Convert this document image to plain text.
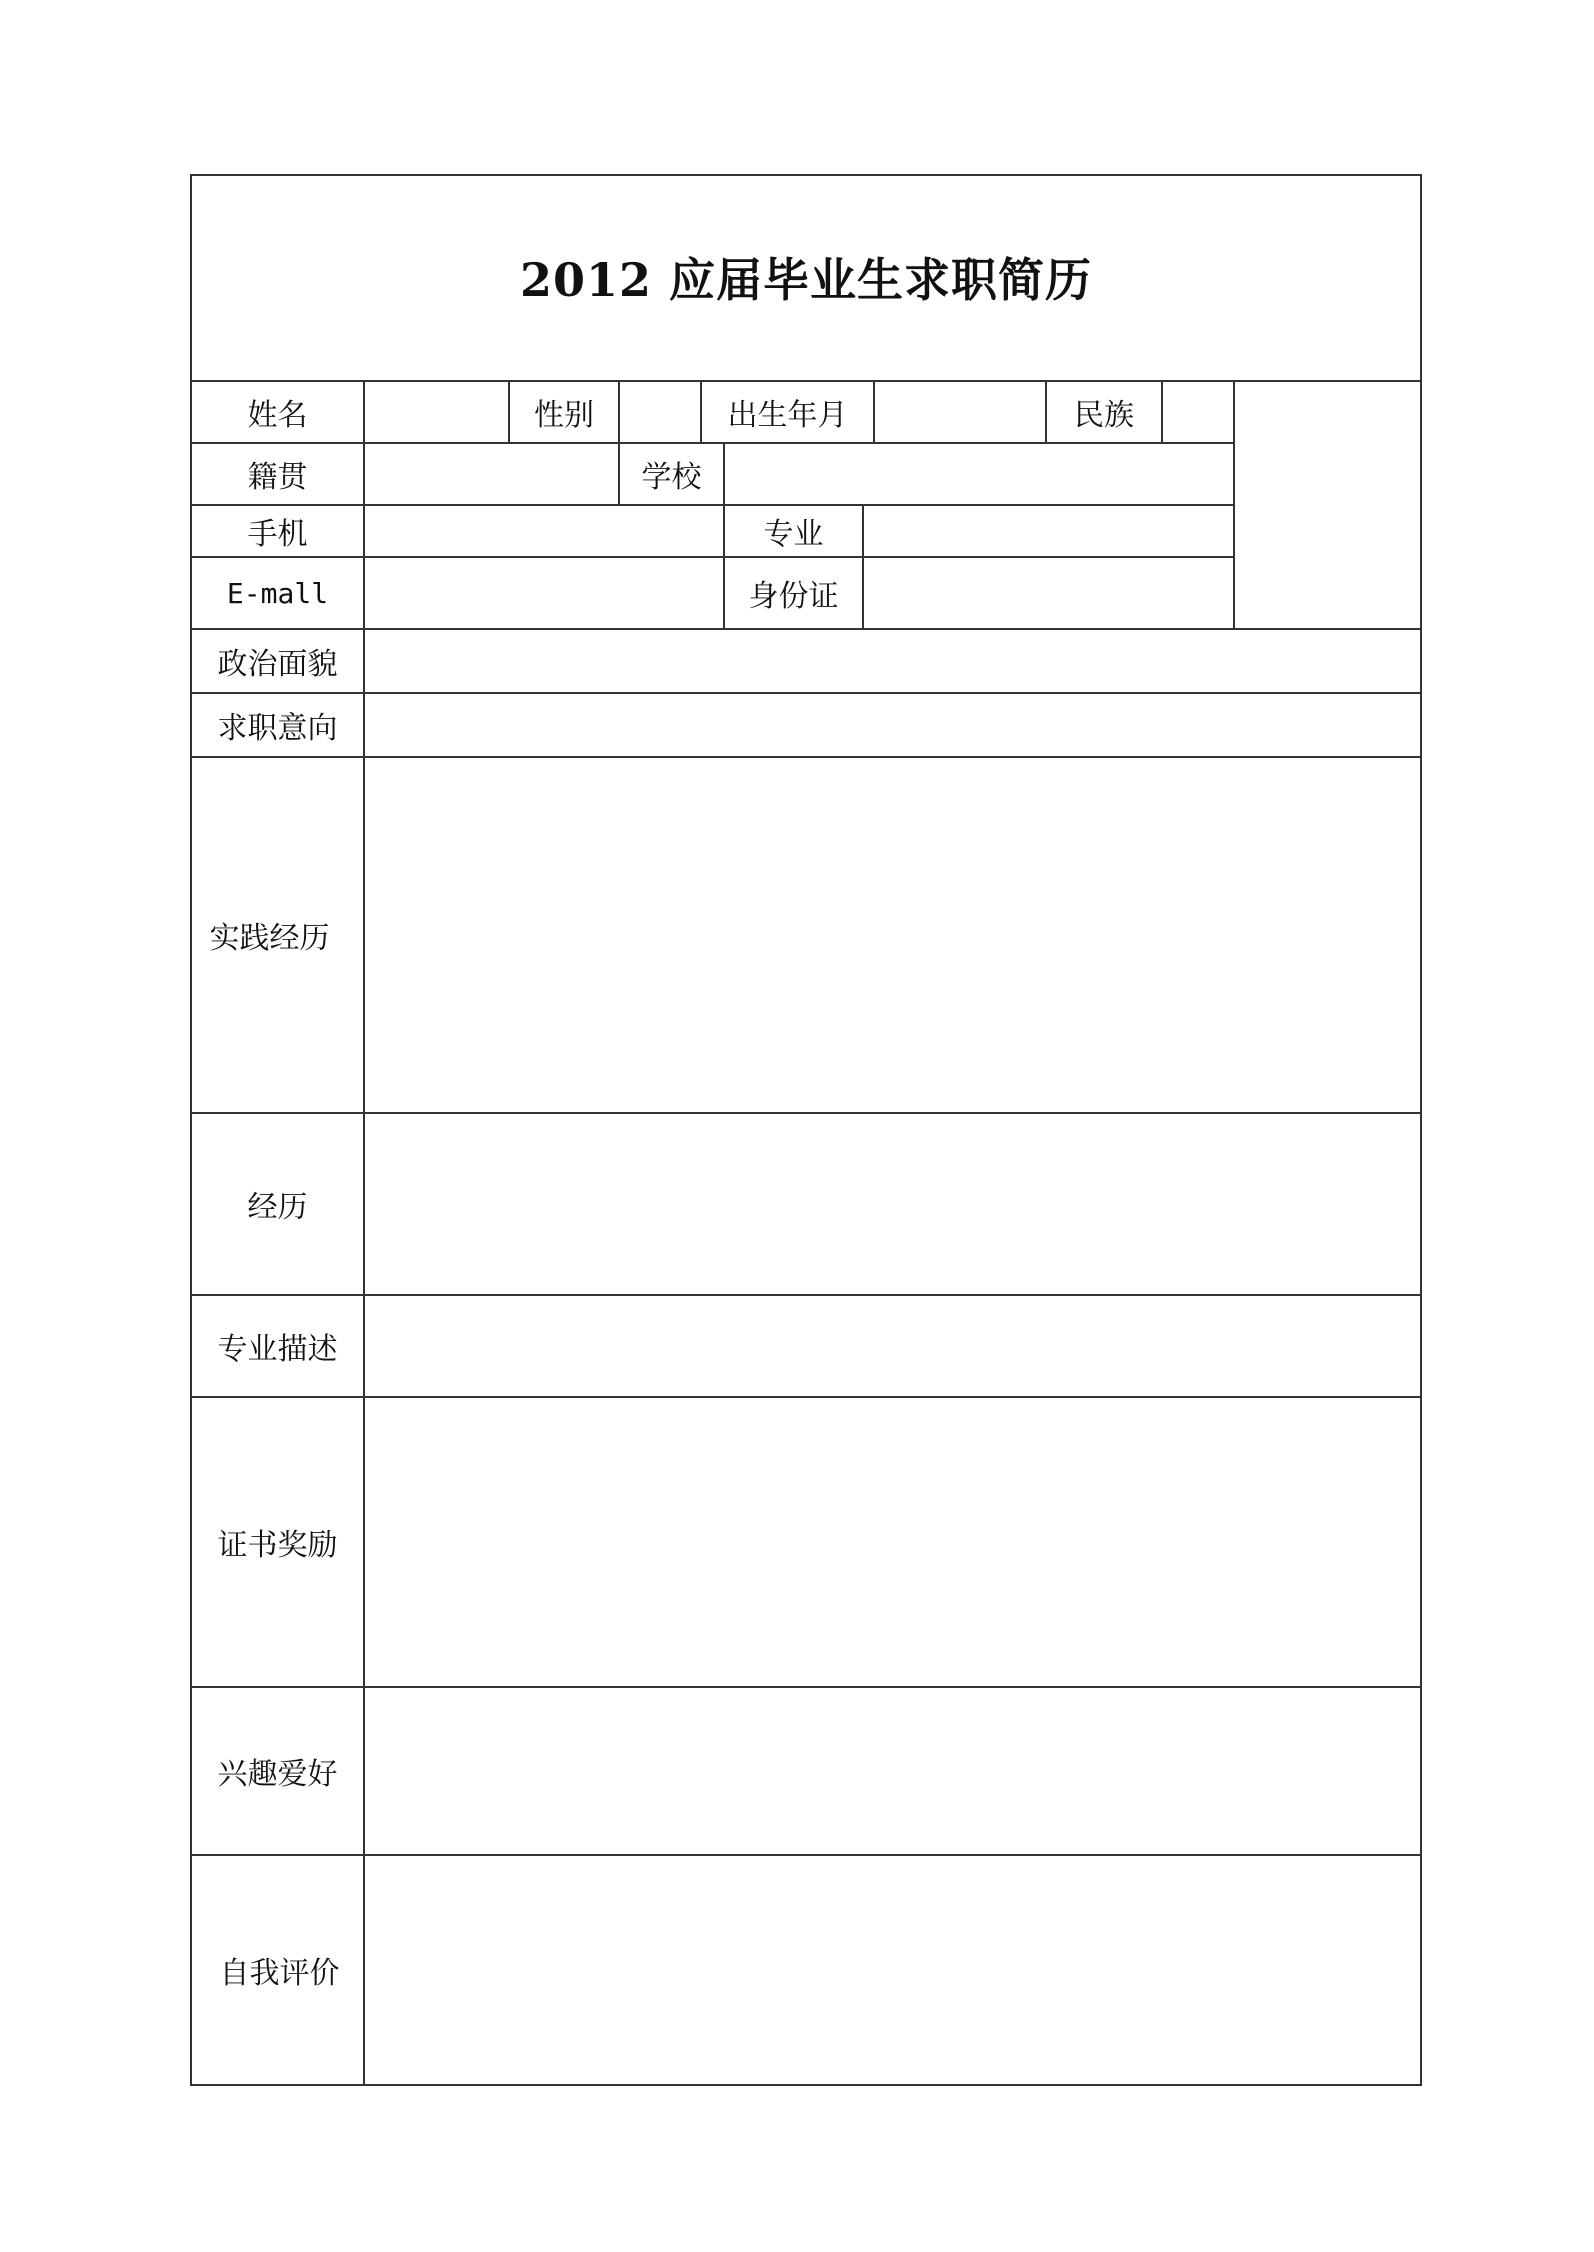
2012 应届毕业生求职简历
姓名	性别	出生年月	民族
籍贯	学校
手机	专业
E-mall	身份证
政治面貌
求职意向
实践经历
经历
专业描述
证书奖励
兴趣爱好
自我评价
